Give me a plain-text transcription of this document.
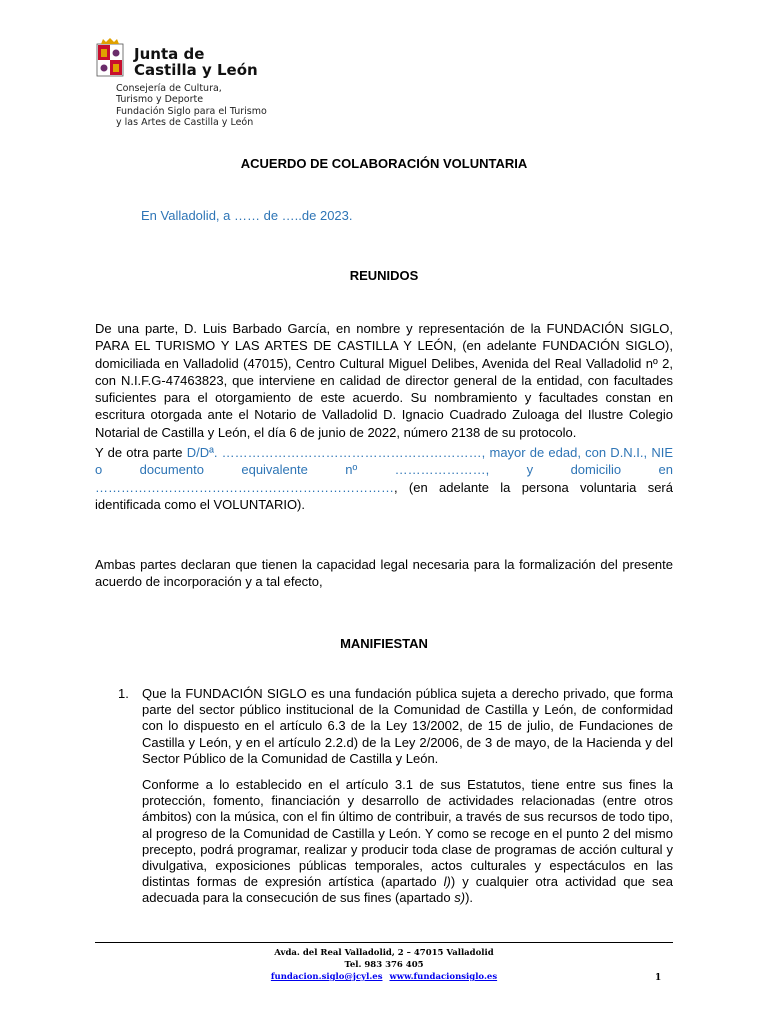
Junta de
Castilla y León
Consejería de Cultura,
Turismo y Deporte
Fundación Siglo para el Turismo
y las Artes de Castilla y León
ACUERDO DE COLABORACIÓN VOLUNTARIA
En Valladolid, a …… de …..de 2023.
REUNIDOS
De una parte, D. Luis Barbado García, en nombre y representación de la FUNDACIÓN SIGLO, PARA EL TURISMO Y LAS ARTES DE CASTILLA Y LEÓN, (en adelante FUNDACIÓN SIGLO), domiciliada en Valladolid (47015), Centro Cultural Miguel Delibes, Avenida del Real Valladolid nº 2, con N.I.F.G-47463823, que interviene en calidad de director general de la entidad, con facultades suficientes para el otorgamiento de este acuerdo. Su nombramiento y facultades constan en escritura otorgada ante el Notario de Valladolid D. Ignacio Cuadrado Zuloaga del Ilustre Colegio Notarial de Castilla y León, el día 6 de junio de 2022, número 2138 de su protocolo.
Y de otra parte D/Dª. ……………………………………………………, mayor de edad, con D.N.I., NIE o documento equivalente nº …………………, y domicilio en ……………………………………………………………, (en adelante la persona voluntaria será identificada como el VOLUNTARIO).
Ambas partes declaran que tienen la capacidad legal necesaria para la formalización del presente acuerdo de incorporación y a tal efecto,
MANIFIESTAN
1. Que la FUNDACIÓN SIGLO es una fundación pública sujeta a derecho privado, que forma parte del sector público institucional de la Comunidad de Castilla y León, de conformidad con lo dispuesto en el artículo 6.3 de la Ley 13/2002, de 15 de julio, de Fundaciones de Castilla y León, y en el artículo 2.2.d) de la Ley 2/2006, de 3 de mayo, de la Hacienda y del Sector Público de la Comunidad de Castilla y León.
Conforme a lo establecido en el artículo 3.1 de sus Estatutos, tiene entre sus fines la protección, fomento, financiación y desarrollo de actividades relacionadas (entre otros ámbitos) con la música, con el fin último de contribuir, a través de sus recursos de todo tipo, al progreso de la Comunidad de Castilla y León. Y como se recoge en el punto 2 del mismo precepto, podrá programar, realizar y producir toda clase de programas de acción cultural y divulgativa, exposiciones públicas temporales, actos culturales y espectáculos en las distintas formas de expresión artística (apartado l)) y cualquier otra actividad que sea adecuada para la consecución de sus fines (apartado s)).
Avda. del Real Valladolid, 2 – 47015 Valladolid
Tel. 983 376 405
fundacion.siglo@jcyl.es www.fundacionsiglo.es	1
